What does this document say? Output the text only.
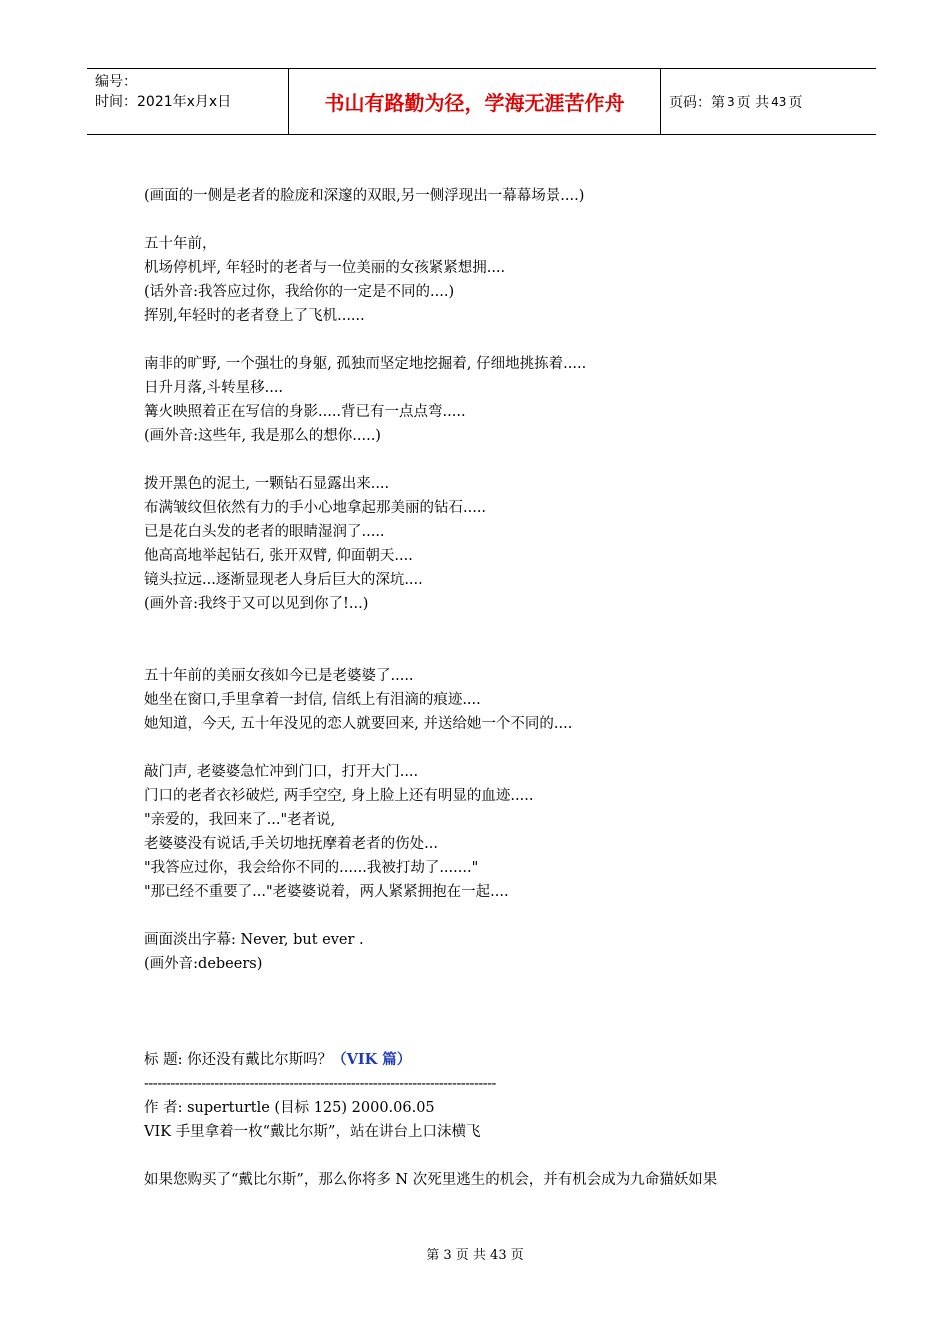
编号：
时间：2021年x月x日	书山有路勤为径，学海无涯苦作舟	页码：第 3 页 共 43 页
(画面的一侧是老者的脸庞和深邃的双眼,另一侧浮现出一幕幕场景....)
五十年前，
机场停机坪, 年轻时的老者与一位美丽的女孩紧紧想拥....
(话外音:我答应过你，我给你的一定是不同的....)
挥别,年轻时的老者登上了飞机......
南非的旷野, 一个强壮的身躯, 孤独而坚定地挖掘着, 仔细地挑拣着.....
日升月落,斗转星移....
篝火映照着正在写信的身影.....背已有一点点弯.....
(画外音:这些年, 我是那么的想你.....)
拨开黑色的泥土, 一颗钻石显露出来....
布满皱纹但依然有力的手小心地拿起那美丽的钻石.....
已是花白头发的老者的眼睛湿润了.....
他高高地举起钻石, 张开双臂, 仰面朝天....
镜头拉远...逐渐显现老人身后巨大的深坑....
(画外音:我终于又可以见到你了!...)
五十年前的美丽女孩如今已是老婆婆了.....
她坐在窗口,手里拿着一封信, 信纸上有泪滴的痕迹....
她知道，今天, 五十年没见的恋人就要回来, 并送给她一个不同的....
敲门声, 老婆婆急忙冲到门口，打开大门....
门口的老者衣衫破烂, 两手空空, 身上脸上还有明显的血迹.....
"亲爱的，我回来了..."老者说,
老婆婆没有说话,手关切地抚摩着老者的伤处...
"我答应过你，我会给你不同的......我被打劫了......."
"那已经不重要了..."老婆婆说着，两人紧紧拥抱在一起....
画面淡出字幕: Never, but ever .
(画外音:debeers)
标 题: 你还没有戴比尔斯吗？（VIK 篇）
--------------------------------------------------------------------------------
作 者: superturtle (目标 125) 2000.06.05
VIK 手里拿着一枚“戴比尔斯”，站在讲台上口沫横飞
如果您购买了“戴比尔斯”，那么你将多 N 次死里逃生的机会，并有机会成为九命猫妖如果
第 3 页 共 43 页
